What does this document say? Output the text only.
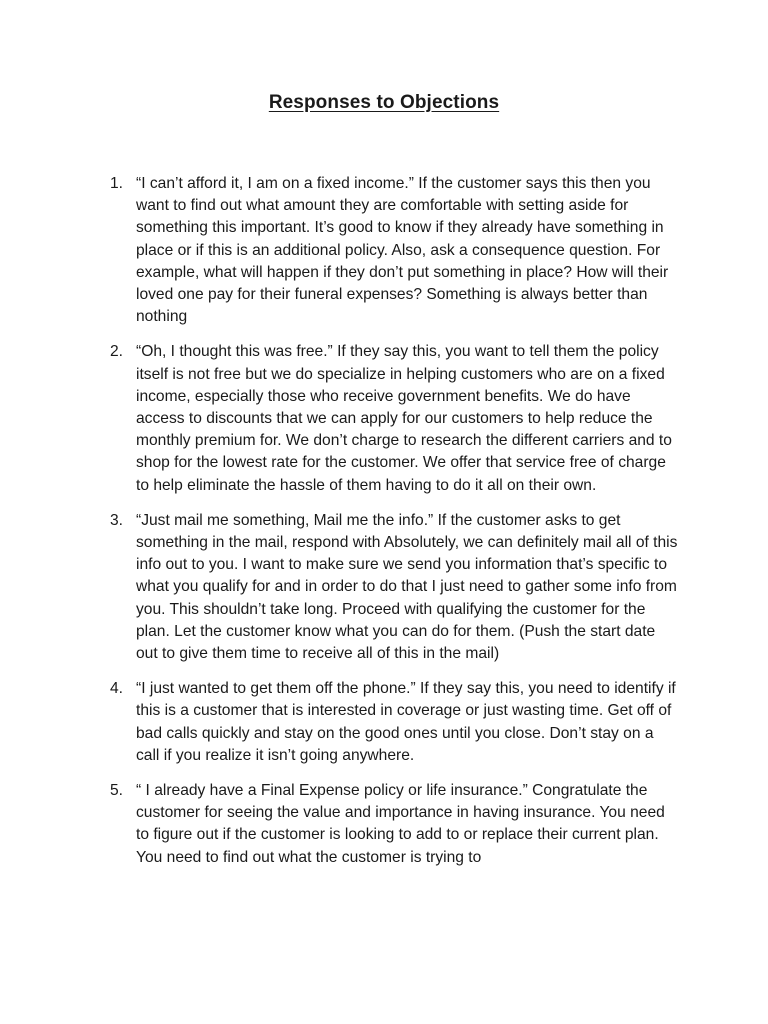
Responses to Objections
1. “I can’t afford it, I am on a fixed income.” If the customer says this then you want to find out what amount they are comfortable with setting aside for something this important. It’s good to know if they already have something in place or if this is an additional policy. Also, ask a consequence question. For example, what will happen if they don’t put something in place? How will their loved one pay for their funeral expenses? Something is always better than nothing
2. “Oh, I thought this was free.” If they say this, you want to tell them the policy itself is not free but we do specialize in helping customers who are on a fixed income, especially those who receive government benefits. We do have access to discounts that we can apply for our customers to help reduce the monthly premium for. We don’t charge to research the different carriers and to shop for the lowest rate for the customer. We offer that service free of charge to help eliminate the hassle of them having to do it all on their own.
3. “Just mail me something, Mail me the info.” If the customer asks to get something in the mail, respond with Absolutely, we can definitely mail all of this info out to you. I want to make sure we send you information that’s specific to what you qualify for and in order to do that I just need to gather some info from you. This shouldn’t take long. Proceed with qualifying the customer for the plan. Let the customer know what you can do for them. (Push the start date out to give them time to receive all of this in the mail)
4. “I just wanted to get them off the phone.” If they say this, you need to identify if this is a customer that is interested in coverage or just wasting time. Get off of bad calls quickly and stay on the good ones until you close. Don’t stay on a call if you realize it isn’t going anywhere.
5. “ I already have a Final Expense policy or life insurance.” Congratulate the customer for seeing the value and importance in having insurance. You need to figure out if the customer is looking to add to or replace their current plan. You need to find out what the customer is trying to
